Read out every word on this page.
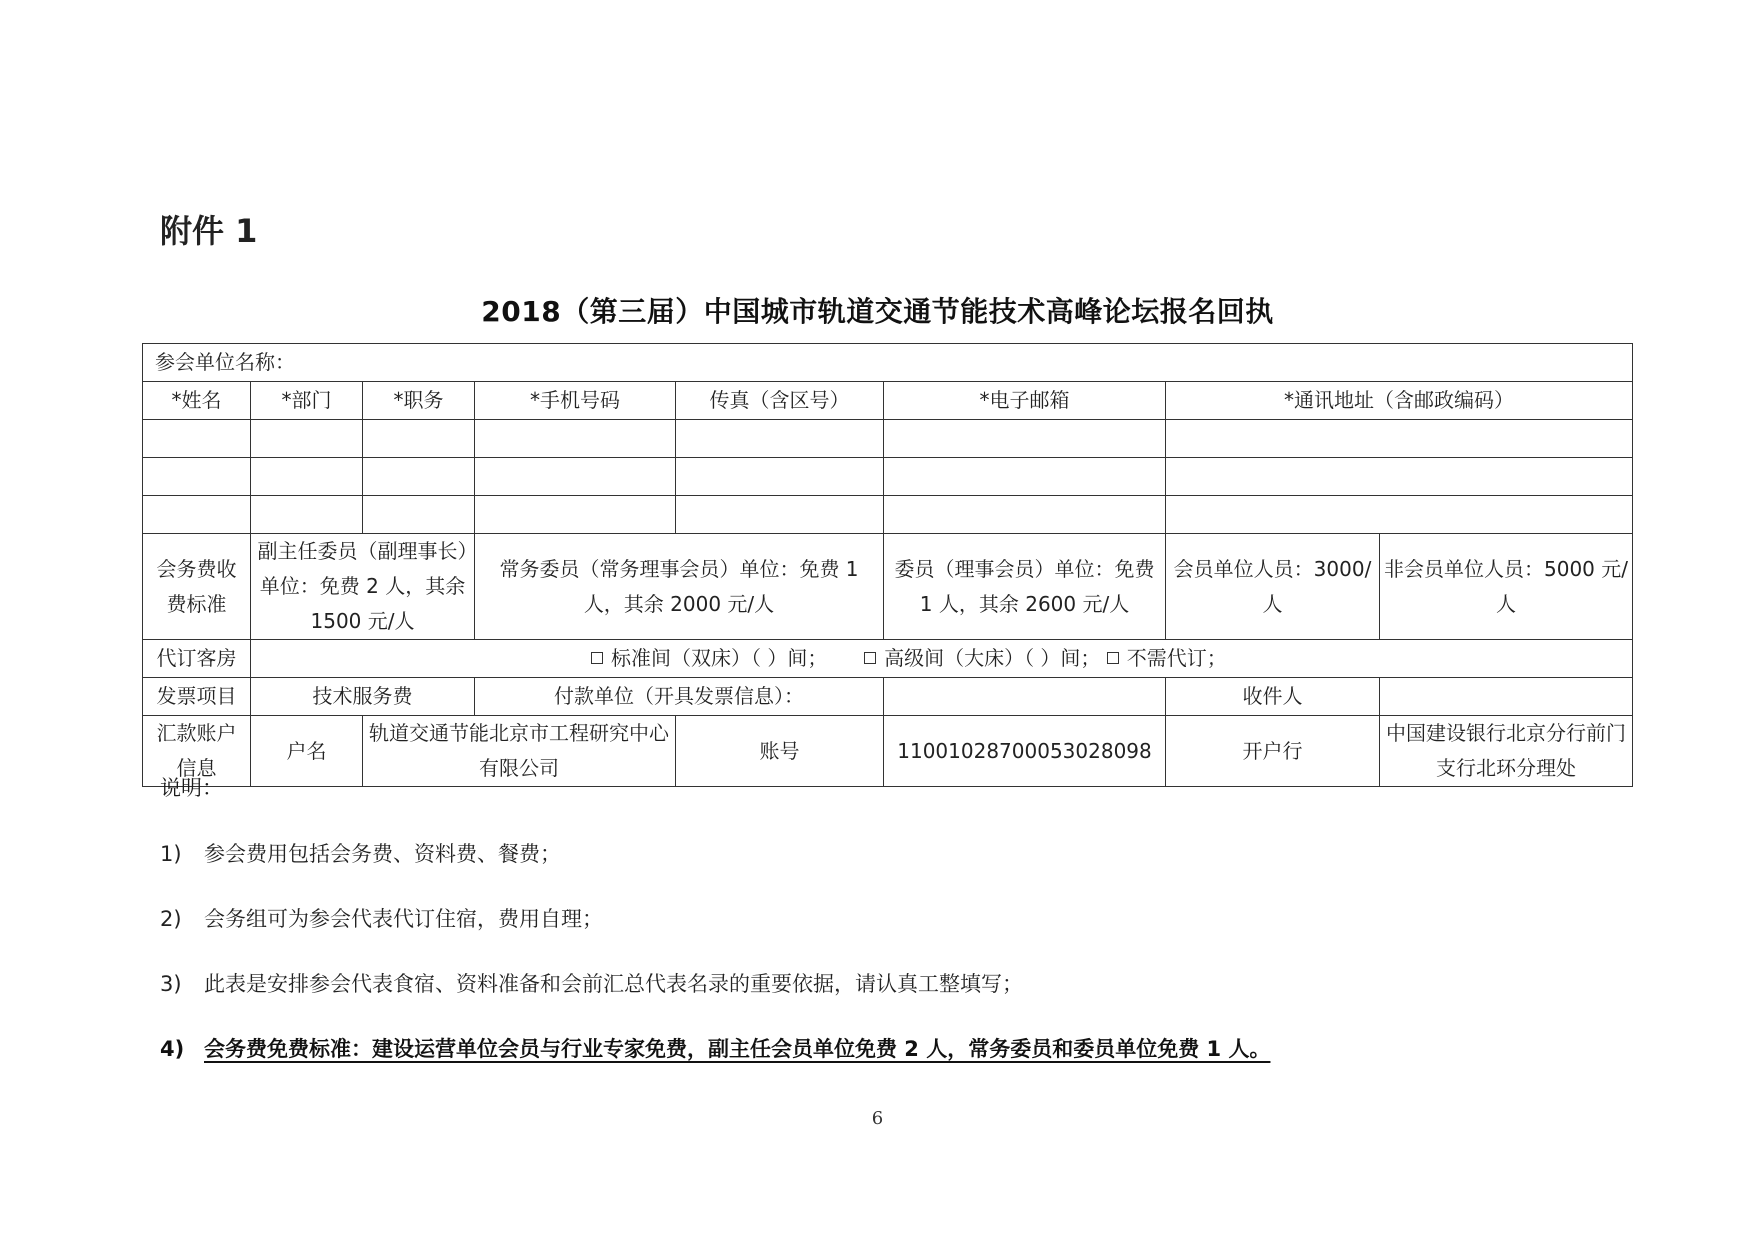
附件 1
2018（第三届）中国城市轨道交通节能技术高峰论坛报名回执
参会单位名称：							
*姓名	*部门	*职务	*手机号码	传真（含区号）	*电子邮箱	*通讯地址（含邮政编码）	

会务费收费标准	副主任委员（副理事长）单位：免费 2 人，其余 1500 元/人		常务委员（常务理事会员）单位：免费 1 人，其余 2000 元/人		委员（理事会员）单位：免费 1 人，其余 2600 元/人	会员单位人员：3000/人	非会员单位人员：5000 元/人
代订客房	标准间（双床）（ ）间； 高级间（大床）（ ）间； 不需代订；						
发票项目	技术服务费		付款单位（开具发票信息）：			收件人	
汇款账户信息	户名	轨道交通节能北京市工程研究中心有限公司		账号	11001028700053028098	开户行	中国建设银行北京分行前门支行北环分理处
说明：
1) 参会费用包括会务费、资料费、餐费；
2) 会务组可为参会代表代订住宿，费用自理；
3) 此表是安排参会代表食宿、资料准备和会前汇总代表名录的重要依据，请认真工整填写；
4) 会务费免费标准：建设运营单位会员与行业专家免费，副主任会员单位免费 2 人，常务委员和委员单位免费 1 人。
6
